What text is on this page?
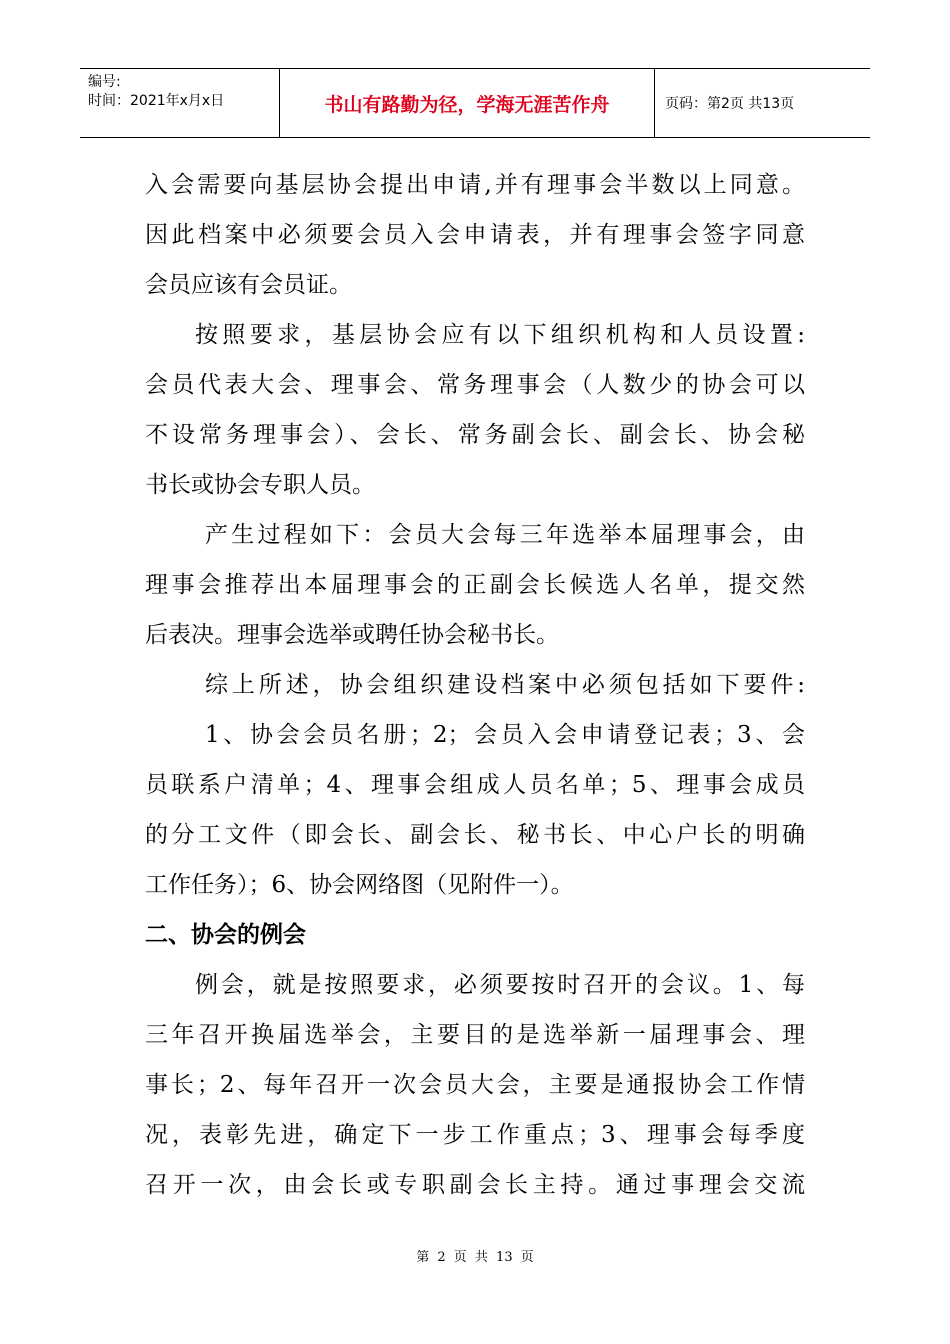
编号:
时间：2021年x月x日	书山有路勤为径，学海无涯苦作舟	页码：第2页 共13页
入会需要向基层协会提出申请,并有理事会半数以上同意。
因此档案中必须要会员入会申请表，并有理事会签字同意
会员应该有会员证。
按照要求，基层协会应有以下组织机构和人员设置:
会员代表大会、理事会、常务理事会（人数少的协会可以
不设常务理事会）、会长、常务副会长、副会长、协会秘
书长或协会专职人员。
产生过程如下：会员大会每三年选举本届理事会，由
理事会推荐出本届理事会的正副会长候选人名单，提交然
后表决。理事会选举或聘任协会秘书长。
综上所述，协会组织建设档案中必须包括如下要件:
1、协会会员名册；2；会员入会申请登记表；3、会
员联系户清单；4、理事会组成人员名单；5、理事会成员
的分工文件（即会长、副会长、秘书长、中心户长的明确
工作任务）；6、协会网络图（见附件一）。
二、协会的例会
例会，就是按照要求，必须要按时召开的会议。1、每
三年召开换届选举会，主要目的是选举新一届理事会、理
事长；2、每年召开一次会员大会，主要是通报协会工作情
况，表彰先进，确定下一步工作重点；3、理事会每季度
召开一次，由会长或专职副会长主持。通过事理会交流
第 2 页 共 13 页
